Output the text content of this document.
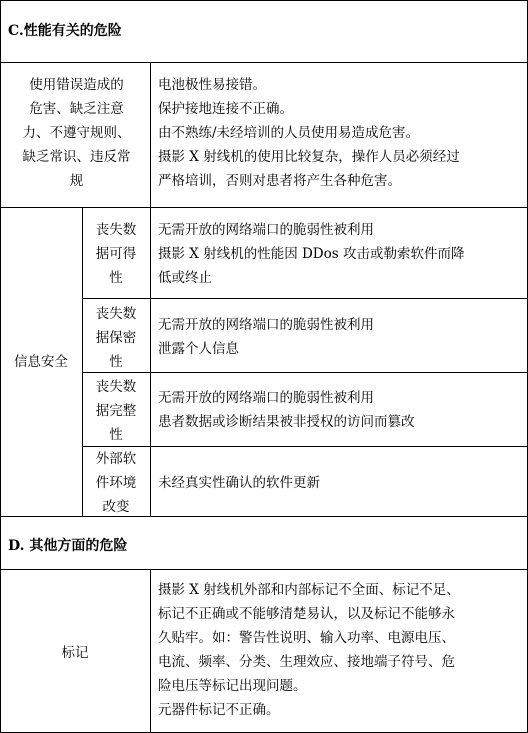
C.性能有关的危险
使用错误造成的
危害、缺乏注意
力、不遵守规则、
缺乏常识、违反常
规
电池极性易接错。
保护接地连接不正确。
由不熟练/未经培训的人员使用易造成危害。
摄影 X 射线机的使用比较复杂，操作人员必须经过
严格培训，否则对患者将产生各种危害。
信息安全
丧失数
据可得
性
无需开放的网络端口的脆弱性被利用
摄影 X 射线机的性能因 DDos 攻击或勒索软件而降
低或终止
丧失数
据保密
性
无需开放的网络端口的脆弱性被利用
泄露个人信息
丧失数
据完整
性
无需开放的网络端口的脆弱性被利用
患者数据或诊断结果被非授权的访问而篡改
外部软
件环境
改变
未经真实性确认的软件更新
D. 其他方面的危险
标记
摄影 X 射线机外部和内部标记不全面、标记不足、
标记不正确或不能够清楚易认，以及标记不能够永
久贴牢。如：警告性说明、输入功率、电源电压、
电流、频率、分类、生理效应、接地端子符号、危
险电压等标记出现问题。
元器件标记不正确。
